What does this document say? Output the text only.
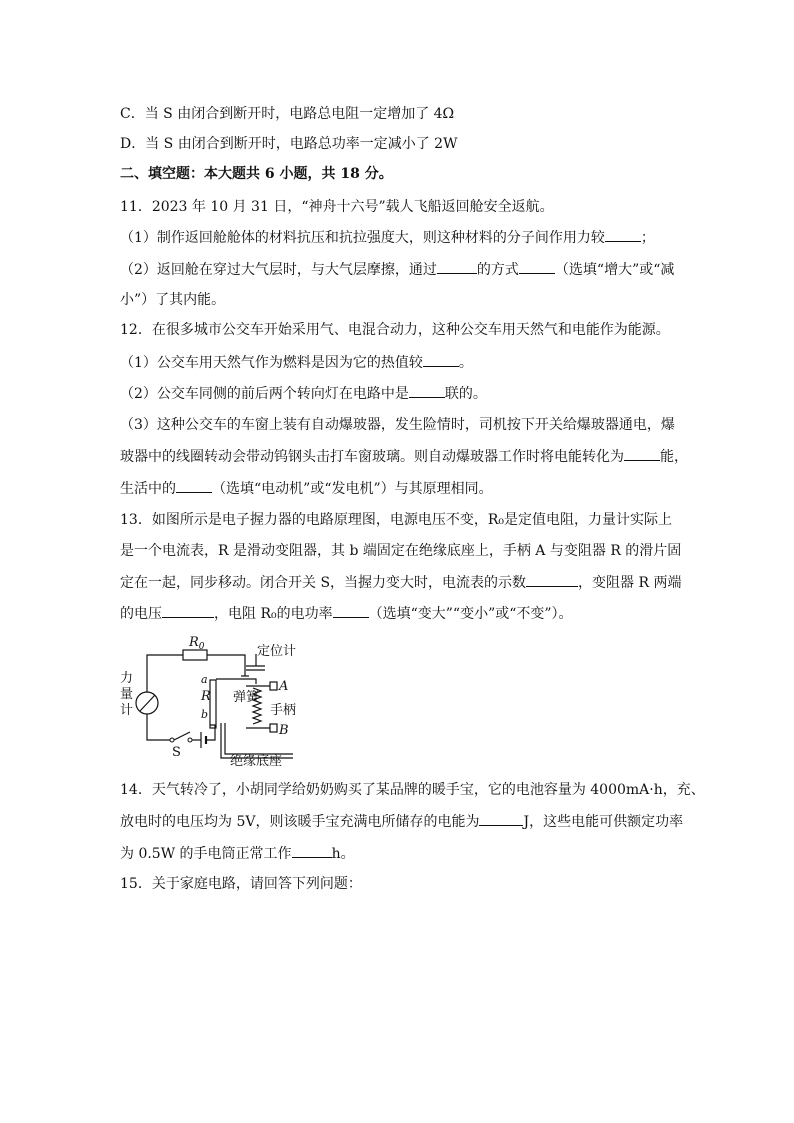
C．当 S 由闭合到断开时，电路总电阻一定增加了 4Ω
D．当 S 由闭合到断开时，电路总功率一定减小了 2W
二、填空题：本大题共 6 小题，共 18 分。
11．2023 年 10 月 31 日，“神舟十六号”载人飞船返回舱安全返航。
（1）制作返回舱舱体的材料抗压和抗拉强度大，则这种材料的分子间作用力较	；
（2）返回舱在穿过大气层时，与大气层摩擦，通过	的方式	（选填“增大”或“减
小”）了其内能。
12．在很多城市公交车开始采用气、电混合动力，这种公交车用天然气和电能作为能源。
（1）公交车用天然气作为燃料是因为它的热值较	。
（2）公交车同侧的前后两个转向灯在电路中是	联的。
（3）这种公交车的车窗上装有自动爆玻器，发生险情时，司机按下开关给爆玻器通电，爆
玻器中的线圈转动会带动钨钢头击打车窗玻璃。则自动爆玻器工作时将电能转化为	能，
生活中的	（选填“电动机”或“发电机”）与其原理相同。
13．如图所示是电子握力器的电路原理图，电源电压不变，R₀是定值电阻，力量计实际上
是一个电流表，R 是滑动变阻器，其 b 端固定在绝缘底座上，手柄 A 与变阻器 R 的滑片固
定在一起，同步移动。闭合开关 S，当握力变大时，电流表的示数	，变阻器 R 两端
的电压	，电阻 R₀的电功率	（选填“变大”“变小”或“不变”）。
$R_0$	定位计
力
量
计
a
R
b
弹簧
A
手柄
B
S
绝缘底座
14．天气转冷了，小胡同学给奶奶购买了某品牌的暖手宝，它的电池容量为 4000mA·h，充、
放电时的电压均为 5V，则该暖手宝充满电所储存的电能为	J，这些电能可供额定功率
为 0.5W 的手电筒正常工作	h。
15．关于家庭电路，请回答下列问题：
